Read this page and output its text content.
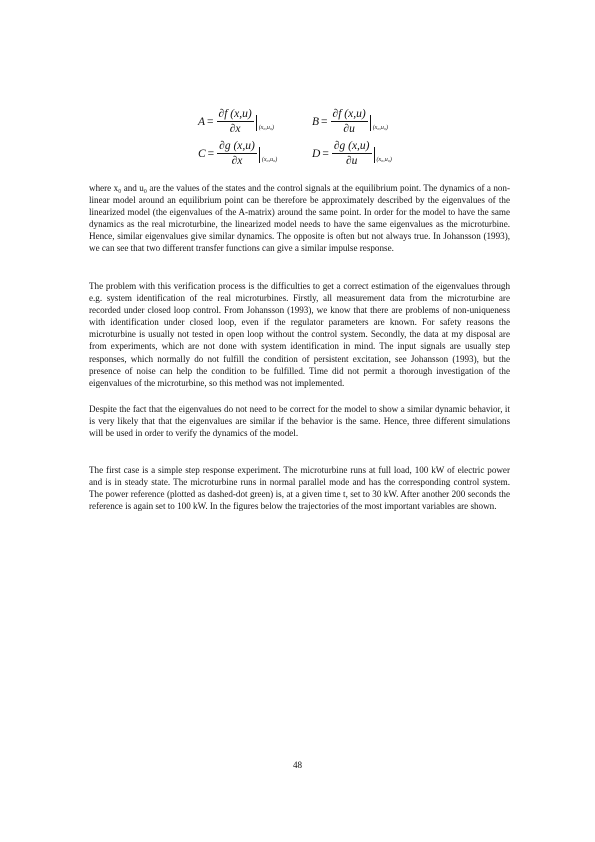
$A = \frac{\partial f (x,u)}{\partial x} (x_0,u_0)$	$B = \frac{\partial f (x,u)}{\partial u} (x_0,u_0)$
$C = \frac{\partial g (x,u)}{\partial x} (x_0,u_0)$	$D = \frac{\partial g (x,u)}{\partial u} (x_0,u_0)$

where x₀ and u₀ are the values of the states and the control signals at the equilibrium point. The dynamics of a non-linear model around an equilibrium point can be therefore be approximately described by the eigenvalues of the linearized model (the eigenvalues of the A-matrix) around the same point. In order for the model to have the same dynamics as the real microturbine, the linearized model needs to have the same eigenvalues as the microturbine. Hence, similar eigenvalues give similar dynamics. The opposite is often but not always true. In Johansson (1993), we can see that two different transfer functions can give a similar impulse response.

The problem with this verification process is the difficulties to get a correct estimation of the eigenvalues through e.g. system identification of the real microturbines. Firstly, all measurement data from the microturbine are recorded under closed loop control. From Johansson (1993), we know that there are problems of non-uniqueness with identification under closed loop, even if the regulator parameters are known. For safety reasons the microturbine is usually not tested in open loop without the control system. Secondly, the data at my disposal are from experiments, which are not done with system identification in mind. The input signals are usually step responses, which normally do not fulfill the condition of persistent excitation, see Johansson (1993), but the presence of noise can help the condition to be fulfilled. Time did not permit a thorough investigation of the eigenvalues of the microturbine, so this method was not implemented.

Despite the fact that the eigenvalues do not need to be correct for the model to show a similar dynamic behavior, it is very likely that that the eigenvalues are similar if the behavior is the same. Hence, three different simulations will be used in order to verify the dynamics of the model.

The first case is a simple step response experiment. The microturbine runs at full load, 100 kW of electric power and is in steady state. The microturbine runs in normal parallel mode and has the corresponding control system. The power reference (plotted as dashed-dot green) is, at a given time t, set to 30 kW. After another 200 seconds the reference is again set to 100 kW. In the figures below the trajectories of the most important variables are shown.

48
